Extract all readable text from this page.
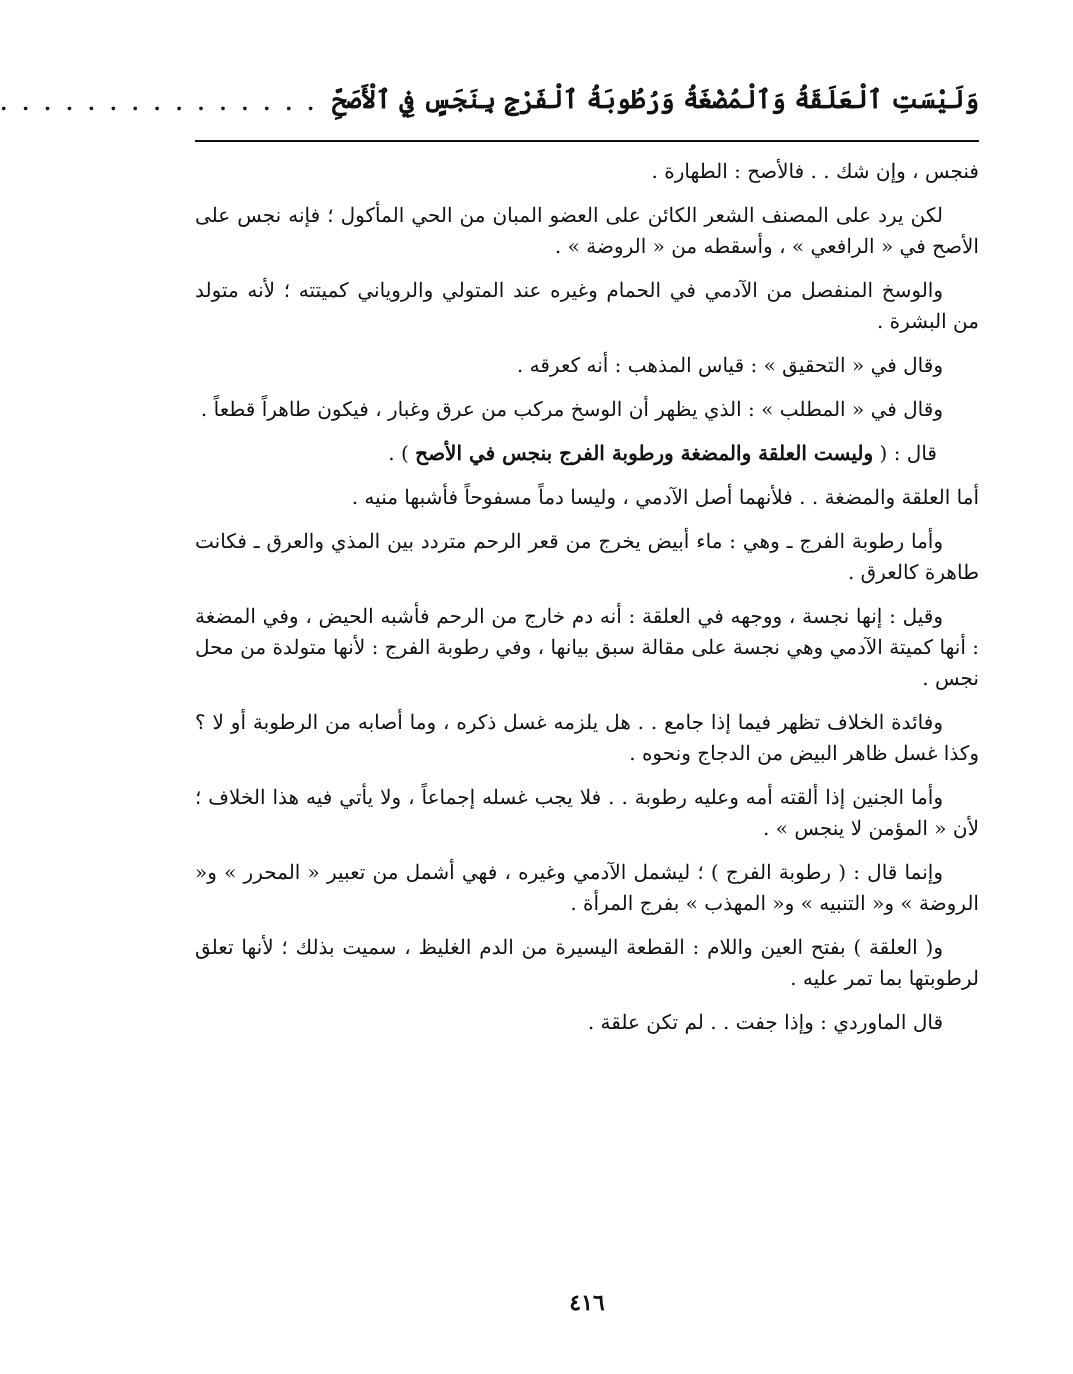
وَلَيْسَتِ ٱلْعَلَقَةُ وَٱلْمُضْغَةُ وَرُطُوبَةُ ٱلْفَرْجِ بِنَجَسٍ فِي ٱلْأَصَحِّ
. . . . . . . . . . . . . . .

فنجس ، وإن شك . . فالأصح : الطهارة .

لكن يرد على المصنف الشعر الكائن على العضو المبان من الحي المأكول ؛ فإنه نجس على الأصح في « الرافعي » ، وأسقطه من « الروضة » .

والوسخ المنفصل من الآدمي في الحمام وغيره عند المتولي والروياني كميتته ؛ لأنه متولد من البشرة .

وقال في « التحقيق » : قياس المذهب : أنه كعرقه .

وقال في « المطلب » : الذي يظهر أن الوسخ مركب من عرق وغبار ، فيكون طاهراً قطعاً .

قال : ( وليست العلقة والمضغة ورطوبة الفرج بنجس في الأصح ) .

أما العلقة والمضغة . . فلأنهما أصل الآدمي ، وليسا دماً مسفوحاً فأشبها منيه .

وأما رطوبة الفرج ـ وهي : ماء أبيض يخرج من قعر الرحم متردد بين المذي والعرق ـ فكانت طاهرة كالعرق .

وقيل : إنها نجسة ، ووجهه في العلقة : أنه دم خارج من الرحم فأشبه الحيض ، وفي المضغة : أنها كميتة الآدمي وهي نجسة على مقالة سبق بيانها ، وفي رطوبة الفرج : لأنها متولدة من محل نجس .

وفائدة الخلاف تظهر فيما إذا جامع . . هل يلزمه غسل ذكره ، وما أصابه من الرطوبة أو لا ؟ وكذا غسل ظاهر البيض من الدجاج ونحوه .

وأما الجنين إذا ألقته أمه وعليه رطوبة . . فلا يجب غسله إجماعاً ، ولا يأتي فيه هذا الخلاف ؛ لأن « المؤمن لا ينجس » .

وإنما قال : ( رطوبة الفرج ) ؛ ليشمل الآدمي وغيره ، فهي أشمل من تعبير « المحرر » و« الروضة » و« التنبيه » و« المهذب » بفرج المرأة .

و( العلقة ) بفتح العين واللام : القطعة اليسيرة من الدم الغليظ ، سميت بذلك ؛ لأنها تعلق لرطوبتها بما تمر عليه .

قال الماوردي : وإذا جفت . . لم تكن علقة .

٤١٦
